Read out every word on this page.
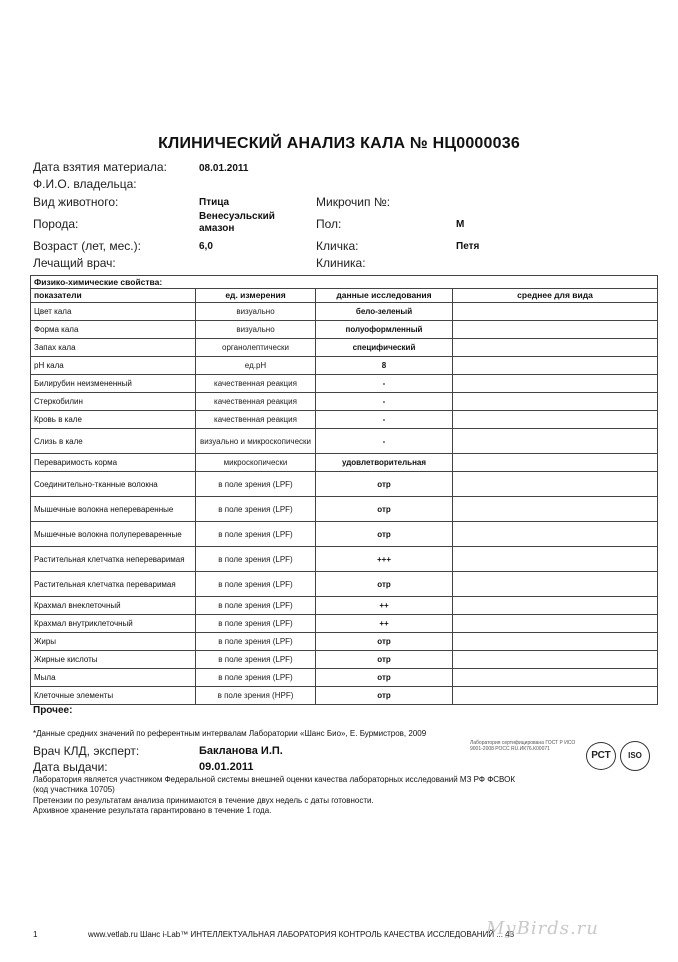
КЛИНИЧЕСКИЙ АНАЛИЗ КАЛА № НЦ0000036
Дата взятия материала:	08.01.2011
Ф.И.О. владельца:
Вид животного:	Птица	Микрочип №:
Порода:
Венесуэльский амазон	Пол:	М
Возраст (лет, мес.):	6,0	Кличка:	Петя
Лечащий врач:	Клиника:
Физико-химические свойства:			
показатели	ед. измерения	данные исследования	среднее для вида
Цвет кала	визуально	бело-зеленый	
Форма кала	визуально	полуоформленный	
Запах кала	органолептически	специфический	
pH кала	ед.pH	8	
Билирубин неизмененный	качественная реакция	-	
Стеркобилин	качественная реакция	-	
Кровь в кале	качественная реакция	-	
Слизь в кале	визуально и микроскопически	-	
Переваримость корма	микроскопически	удовлетворительная	
Соединительно-тканные волокна	в поле зрения (LPF)	отр	
Мышечные волокна непереваренные	в поле зрения (LPF)	отр	
Мышечные волокна полупереваренные	в поле зрения (LPF)	отр	
Растительная клетчатка непереваримая	в поле зрения (LPF)	+++	
Растительная клетчатка переваримая	в поле зрения (LPF)	отр	
Крахмал внеклеточный	в поле зрения (LPF)	++	
Крахмал внутриклеточный	в поле зрения (LPF)	++	
Жиры	в поле зрения (LPF)	отр	
Жирные кислоты	в поле зрения (LPF)	отр	
Мыла	в поле зрения (LPF)	отр	
Клеточные элементы	в поле зрения (HPF)	отр	
Прочее:
*Данные средних значений по референтным интервалам Лаборатории «Шанс Био», Е. Бурмистров, 2009
Врач КЛД, эксперт:	Бакланова И.П.
Дата выдачи:	09.01.2011
Лаборатория является участником Федеральной системы внешней оценки качества лабораторных исследований МЗ РФ ФСВОК
(код участника 10705)
Претензии по результатам анализа принимаются в течение двух недель с даты готовности.
Архивное хранение результата гарантировано в течение 1 года.
Лаборатория сертифицирована ГОСТ Р ИСО 9001-2008 РОСС RU.ИК76.К00071
РСТ	ISO
1	www.vetlab.ru Шанс i-Lab™ ИНТЕЛЛЕКТУАЛЬНАЯ ЛАБОРАТОРИЯ КОНТРОЛЬ КАЧЕСТВА ИССЛЕДОВАНИЙ ... 48
MyBirds.ru
